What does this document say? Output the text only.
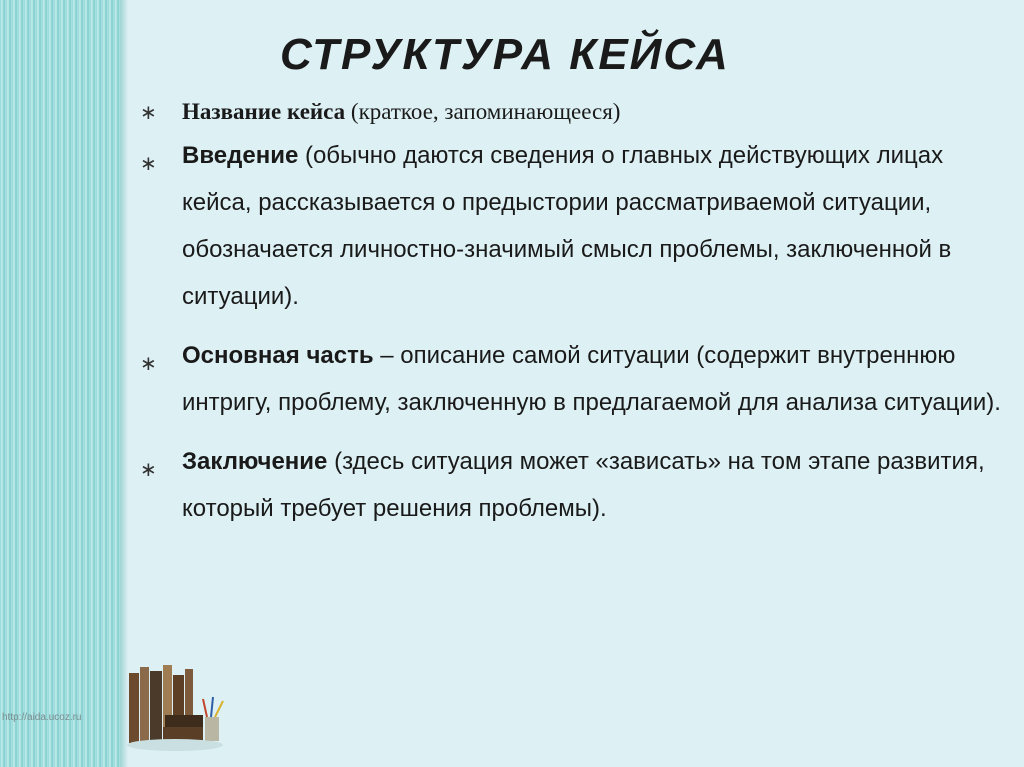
СТРУКТУРА КЕЙСА
∗ Название кейса (краткое, запоминающееся)
∗ Введение (обычно даются сведения о главных действующих лицах кейса, рассказывается о предыстории рассматриваемой ситуации, обозначается личностно-значимый смысл проблемы, заключенной в ситуации).
∗ Основная часть – описание самой ситуации (содержит внутреннюю интригу, проблему, заключенную в предлагаемой для анализа ситуации).
∗ Заключение (здесь ситуация может «зависать» на том этапе развития, который требует решения проблемы).
http://aida.ucoz.ru
